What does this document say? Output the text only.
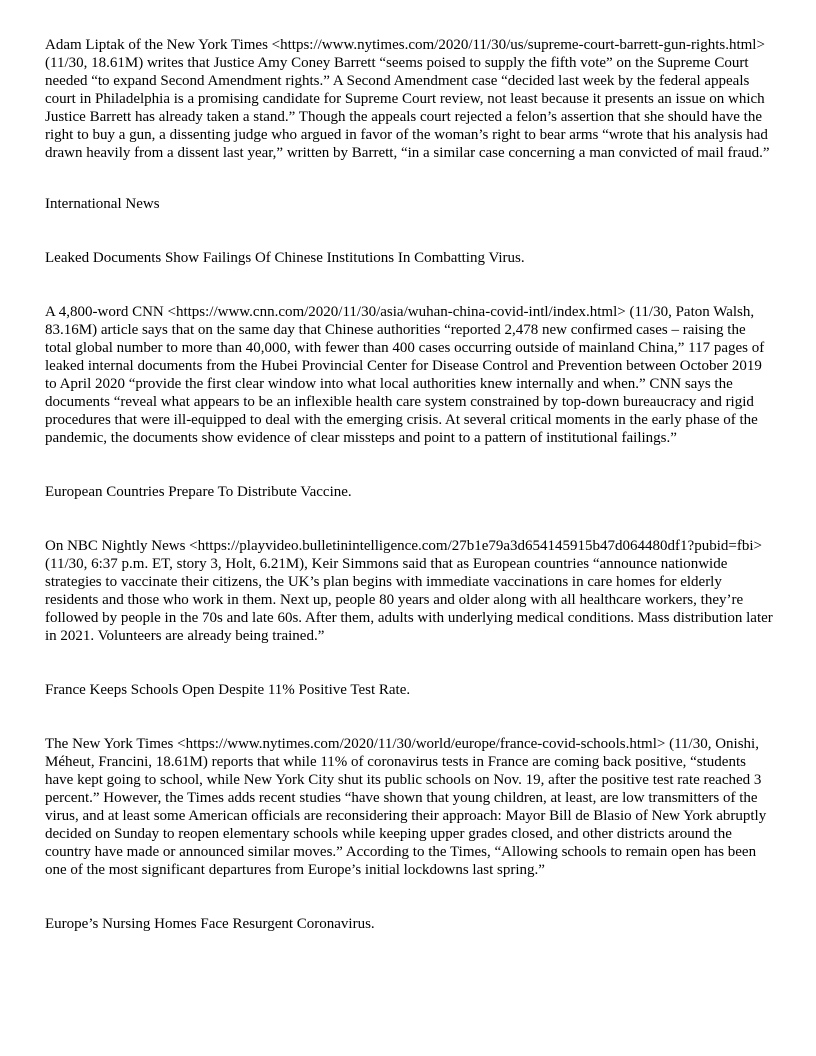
Adam Liptak of the New York Times <https://www.nytimes.com/2020/11/30/us/supreme-court-barrett-gun-rights.html> (11/30, 18.61M) writes that Justice Amy Coney Barrett “seems poised to supply the fifth vote” on the Supreme Court needed “to expand Second Amendment rights.” A Second Amendment case “decided last week by the federal appeals court in Philadelphia is a promising candidate for Supreme Court review, not least because it presents an issue on which Justice Barrett has already taken a stand.” Though the appeals court rejected a felon’s assertion that she should have the right to buy a gun, a dissenting judge who argued in favor of the woman’s right to bear arms “wrote that his analysis had drawn heavily from a dissent last year,” written by Barrett, “in a similar case concerning a man convicted of mail fraud.”

International News

Leaked Documents Show Failings Of Chinese Institutions In Combatting Virus.

A 4,800-word CNN <https://www.cnn.com/2020/11/30/asia/wuhan-china-covid-intl/index.html> (11/30, Paton Walsh, 83.16M) article says that on the same day that Chinese authorities “reported 2,478 new confirmed cases – raising the total global number to more than 40,000, with fewer than 400 cases occurring outside of mainland China,” 117 pages of leaked internal documents from the Hubei Provincial Center for Disease Control and Prevention between October 2019 to April 2020 “provide the first clear window into what local authorities knew internally and when.” CNN says the documents “reveal what appears to be an inflexible health care system constrained by top-down bureaucracy and rigid procedures that were ill-equipped to deal with the emerging crisis. At several critical moments in the early phase of the pandemic, the documents show evidence of clear missteps and point to a pattern of institutional failings.”

European Countries Prepare To Distribute Vaccine.

On NBC Nightly News <https://playvideo.bulletinintelligence.com/27b1e79a3d654145915b47d064480df1?pubid=fbi> (11/30, 6:37 p.m. ET, story 3, Holt, 6.21M), Keir Simmons said that as European countries “announce nationwide strategies to vaccinate their citizens, the UK’s plan begins with immediate vaccinations in care homes for elderly residents and those who work in them. Next up, people 80 years and older along with all healthcare workers, they’re followed by people in the 70s and late 60s. After them, adults with underlying medical conditions. Mass distribution later in 2021. Volunteers are already being trained.”

France Keeps Schools Open Despite 11% Positive Test Rate.

The New York Times <https://www.nytimes.com/2020/11/30/world/europe/france-covid-schools.html> (11/30, Onishi, Méheut, Francini, 18.61M) reports that while 11% of coronavirus tests in France are coming back positive, “students have kept going to school, while New York City shut its public schools on Nov. 19, after the positive test rate reached 3 percent.” However, the Times adds recent studies “have shown that young children, at least, are low transmitters of the virus, and at least some American officials are reconsidering their approach: Mayor Bill de Blasio of New York abruptly decided on Sunday to reopen elementary schools while keeping upper grades closed, and other districts around the country have made or announced similar moves.” According to the Times, “Allowing schools to remain open has been one of the most significant departures from Europe’s initial lockdowns last spring.”

Europe’s Nursing Homes Face Resurgent Coronavirus.
